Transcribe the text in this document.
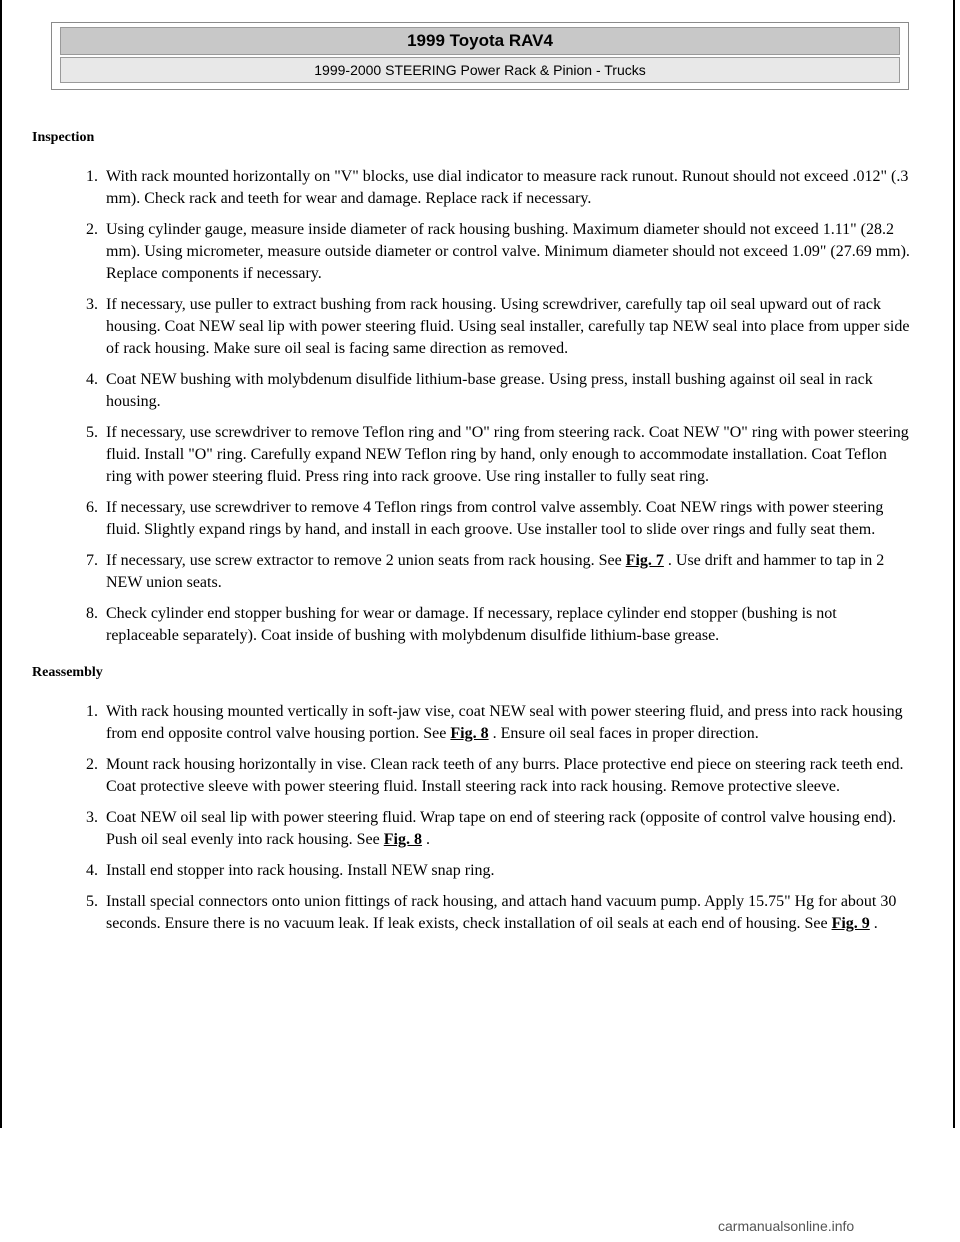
1999 Toyota RAV4
1999-2000 STEERING Power Rack & Pinion - Trucks
Inspection
1. With rack mounted horizontally on "V" blocks, use dial indicator to measure rack runout. Runout should not exceed .012" (.3 mm). Check rack and teeth for wear and damage. Replace rack if necessary.
2. Using cylinder gauge, measure inside diameter of rack housing bushing. Maximum diameter should not exceed 1.11" (28.2 mm). Using micrometer, measure outside diameter or control valve. Minimum diameter should not exceed 1.09" (27.69 mm). Replace components if necessary.
3. If necessary, use puller to extract bushing from rack housing. Using screwdriver, carefully tap oil seal upward out of rack housing. Coat NEW seal lip with power steering fluid. Using seal installer, carefully tap NEW seal into place from upper side of rack housing. Make sure oil seal is facing same direction as removed.
4. Coat NEW bushing with molybdenum disulfide lithium-base grease. Using press, install bushing against oil seal in rack housing.
5. If necessary, use screwdriver to remove Teflon ring and "O" ring from steering rack. Coat NEW "O" ring with power steering fluid. Install "O" ring. Carefully expand NEW Teflon ring by hand, only enough to accommodate installation. Coat Teflon ring with power steering fluid. Press ring into rack groove. Use ring installer to fully seat ring.
6. If necessary, use screwdriver to remove 4 Teflon rings from control valve assembly. Coat NEW rings with power steering fluid. Slightly expand rings by hand, and install in each groove. Use installer tool to slide over rings and fully seat them.
7. If necessary, use screw extractor to remove 2 union seats from rack housing. See Fig. 7 . Use drift and hammer to tap in 2 NEW union seats.
8. Check cylinder end stopper bushing for wear or damage. If necessary, replace cylinder end stopper (bushing is not replaceable separately). Coat inside of bushing with molybdenum disulfide lithium-base grease.
Reassembly
1. With rack housing mounted vertically in soft-jaw vise, coat NEW seal with power steering fluid, and press into rack housing from end opposite control valve housing portion. See Fig. 8 . Ensure oil seal faces in proper direction.
2. Mount rack housing horizontally in vise. Clean rack teeth of any burrs. Place protective end piece on steering rack teeth end. Coat protective sleeve with power steering fluid. Install steering rack into rack housing. Remove protective sleeve.
3. Coat NEW oil seal lip with power steering fluid. Wrap tape on end of steering rack (opposite of control valve housing end). Push oil seal evenly into rack housing. See Fig. 8 .
4. Install end stopper into rack housing. Install NEW snap ring.
5. Install special connectors onto union fittings of rack housing, and attach hand vacuum pump. Apply 15.75" Hg for about 30 seconds. Ensure there is no vacuum leak. If leak exists, check installation of oil seals at each end of housing. See Fig. 9 .
carmanualsonline.info
